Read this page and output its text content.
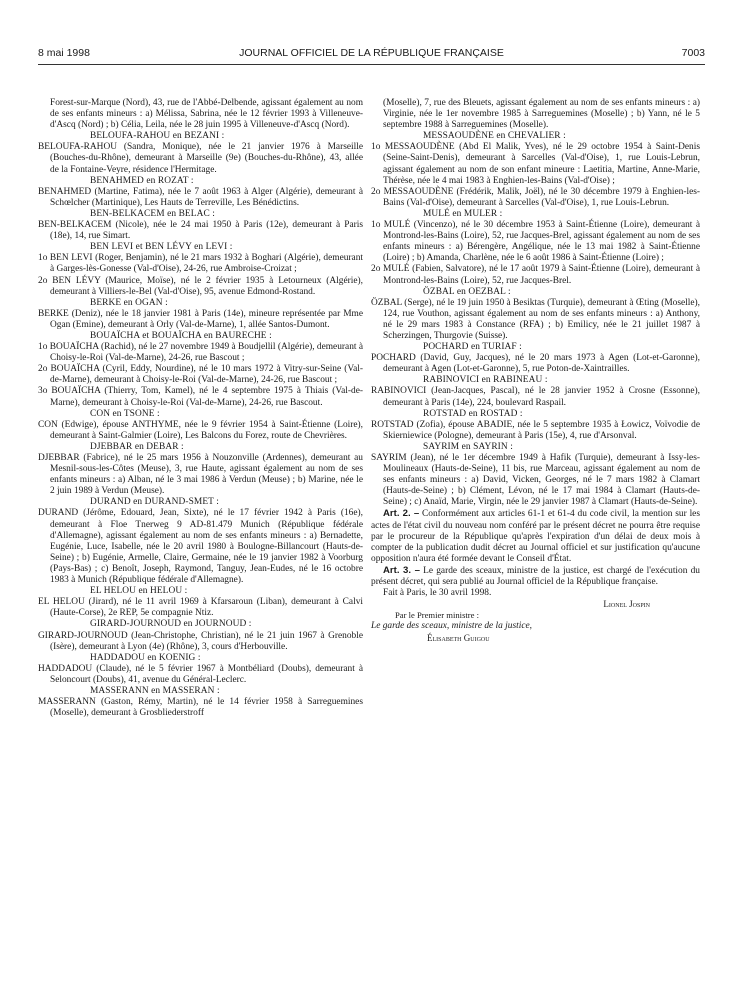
8 mai 1998	JOURNAL OFFICIEL DE LA RÉPUBLIQUE FRANÇAISE	7003

Forest-sur-Marque (Nord), 43, rue de l'Abbé-Delbende, agissant également au nom de ses enfants mineurs : a) Mélissa, Sabrina, née le 12 février 1993 à Villeneuve-d'Ascq (Nord) ; b) Célia, Leila, née le 28 juin 1995 à Villeneuve-d'Ascq (Nord).

BELOUFA-RAHOU en BEZANI :

BELOUFA-RAHOU (Sandra, Monique), née le 21 janvier 1976 à Marseille (Bouches-du-Rhône), demeurant à Marseille (9e) (Bouches-du-Rhône), 43, allée de la Fontaine-Veyre, résidence l'Hermitage.

BENAHMED en ROZAT :

BENAHMED (Martine, Fatima), née le 7 août 1963 à Alger (Algérie), demeurant à Schœlcher (Martinique), Les Hauts de Terreville, Les Bénédictins.

BEN-BELKACEM en BELAC :

BEN-BELKACEM (Nicole), née le 24 mai 1950 à Paris (12e), demeurant à Paris (18e), 14, rue Simart.

BEN LEVI et BEN LÉVY en LEVI :

1o BEN LEVI (Roger, Benjamin), né le 21 mars 1932 à Boghari (Algérie), demeurant à Garges-lès-Gonesse (Val-d'Oise), 24-26, rue Ambroise-Croizat ;

2o BEN LÉVY (Maurice, Moïse), né le 2 février 1935 à Letourneux (Algérie), demeurant à Villiers-le-Bel (Val-d'Oise), 95, avenue Edmond-Rostand.

BERKE en OGAN :

BERKE (Deniz), née le 18 janvier 1981 à Paris (14e), mineure représentée par Mme Ogan (Emine), demeurant à Orly (Val-de-Marne), 1, allée Santos-Dumont.

BOUAÏCHA et BOUAÏCHA en BAURECHE :

1o BOUAÏCHA (Rachid), né le 27 novembre 1949 à Boudjellil (Algérie), demeurant à Choisy-le-Roi (Val-de-Marne), 24-26, rue Bascout ;

2o BOUAÏCHA (Cyril, Eddy, Nourdine), né le 10 mars 1972 à Vitry-sur-Seine (Val-de-Marne), demeurant à Choisy-le-Roi (Val-de-Marne), 24-26, rue Bascout ;

3o BOUAÏCHA (Thierry, Tom, Kamel), né le 4 septembre 1975 à Thiais (Val-de-Marne), demeurant à Choisy-le-Roi (Val-de-Marne), 24-26, rue Bascout.

CON en TSONE :

CON (Edwige), épouse ANTHYME, née le 9 février 1954 à Saint-Étienne (Loire), demeurant à Saint-Galmier (Loire), Les Balcons du Forez, route de Chevrières.

DJEBBAR en DEBAR :

DJEBBAR (Fabrice), né le 25 mars 1956 à Nouzonville (Ardennes), demeurant au Mesnil-sous-les-Côtes (Meuse), 3, rue Haute, agissant également au nom de ses enfants mineurs : a) Alban, né le 3 mai 1986 à Verdun (Meuse) ; b) Marine, née le 2 juin 1989 à Verdun (Meuse).

DURAND en DURAND-SMET :

DURAND (Jérôme, Edouard, Jean, Sixte), né le 17 février 1942 à Paris (16e), demeurant à Floe Tnerweg 9 AD-81.479 Munich (République fédérale d'Allemagne), agissant également au nom de ses enfants mineurs : a) Bernadette, Eugénie, Luce, Isabelle, née le 20 avril 1980 à Boulogne-Billancourt (Hauts-de-Seine) ; b) Eugénie, Armelle, Claire, Germaine, née le 19 janvier 1982 à Voorburg (Pays-Bas) ; c) Benoît, Joseph, Raymond, Tanguy, Jean-Eudes, né le 16 octobre 1983 à Munich (République fédérale d'Allemagne).

EL HELOU en HELOU :

EL HELOU (Jirard), né le 11 avril 1969 à Kfarsaroun (Liban), demeurant à Calvi (Haute-Corse), 2e REP, 5e compagnie Ntiz.

GIRARD-JOURNOUD en JOURNOUD :

GIRARD-JOURNOUD (Jean-Christophe, Christian), né le 21 juin 1967 à Grenoble (Isère), demeurant à Lyon (4e) (Rhône), 3, cours d'Herbouville.

HADDADOU en KOENIG :

HADDADOU (Claude), né le 5 février 1967 à Montbéliard (Doubs), demeurant à Seloncourt (Doubs), 41, avenue du Général-Leclerc.

MASSERANN en MASSERAN :

MASSERANN (Gaston, Rémy, Martin), né le 14 février 1958 à Sarreguemines (Moselle), demeurant à Grosbliederstroff

(Moselle), 7, rue des Bleuets, agissant également au nom de ses enfants mineurs : a) Virginie, née le 1er novembre 1985 à Sarreguemines (Moselle) ; b) Yann, né le 5 septembre 1988 à Sarreguemines (Moselle).

MESSAOUDÈNE en CHEVALIER :

1o MESSAOUDÈNE (Abd El Malik, Yves), né le 29 octobre 1954 à Saint-Denis (Seine-Saint-Denis), demeurant à Sarcelles (Val-d'Oise), 1, rue Louis-Lebrun, agissant également au nom de son enfant mineure : Laetitia, Martine, Anne-Marie, Thérèse, née le 4 mai 1983 à Enghien-les-Bains (Val-d'Oise) ;

2o MESSAOUDÈNE (Frédérik, Malik, Joël), né le 30 décembre 1979 à Enghien-les-Bains (Val-d'Oise), demeurant à Sarcelles (Val-d'Oise), 1, rue Louis-Lebrun.

MULÉ en MULER :

1o MULÉ (Vincenzo), né le 30 décembre 1953 à Saint-Étienne (Loire), demeurant à Montrond-les-Bains (Loire), 52, rue Jacques-Brel, agissant également au nom de ses enfants mineurs : a) Bérengère, Angélique, née le 13 mai 1982 à Saint-Étienne (Loire) ; b) Amanda, Charlène, née le 6 août 1986 à Saint-Étienne (Loire) ;

2o MULÉ (Fabien, Salvatore), né le 17 août 1979 à Saint-Étienne (Loire), demeurant à Montrond-les-Bains (Loire), 52, rue Jacques-Brel.

ÖZBAL en OEZBAL :

ÖZBAL (Serge), né le 19 juin 1950 à Besiktas (Turquie), demeurant à Œting (Moselle), 124, rue Vouthon, agissant également au nom de ses enfants mineurs : a) Anthony, né le 29 mars 1983 à Constance (RFA) ; b) Emilicy, née le 21 juillet 1987 à Scherzingen, Thurgovie (Suisse).

POCHARD en TURIAF :

POCHARD (David, Guy, Jacques), né le 20 mars 1973 à Agen (Lot-et-Garonne), demeurant à Agen (Lot-et-Garonne), 5, rue Poton-de-Xaintrailles.

RABINOVICI en RABINEAU :

RABINOVICI (Jean-Jacques, Pascal), né le 28 janvier 1952 à Crosne (Essonne), demeurant à Paris (14e), 224, boulevard Raspail.

ROTSTAD en ROSTAD :

ROTSTAD (Zofia), épouse ABADIE, née le 5 septembre 1935 à Łowicz, Voïvodie de Skierniewice (Pologne), demeurant à Paris (15e), 4, rue d'Arsonval.

SAYRIM en SAYRIN :

SAYRIM (Jean), né le 1er décembre 1949 à Hafik (Turquie), demeurant à Issy-les-Moulineaux (Hauts-de-Seine), 11 bis, rue Marceau, agissant également au nom de ses enfants mineurs : a) David, Vicken, Georges, né le 7 mars 1982 à Clamart (Hauts-de-Seine) ; b) Clément, Lévon, né le 17 mai 1984 à Clamart (Hauts-de-Seine) ; c) Anaïd, Marie, Virgin, née le 29 janvier 1987 à Clamart (Hauts-de-Seine).

Art. 2. – Conformément aux articles 61-1 et 61-4 du code civil, la mention sur les actes de l'état civil du nouveau nom conféré par le présent décret ne pourra être requise par le procureur de la République qu'après l'expiration d'un délai de deux mois à compter de la publication dudit décret au Journal officiel et sur justification qu'aucune opposition n'aura été formée devant le Conseil d'État.

Art. 3. – Le garde des sceaux, ministre de la justice, est chargé de l'exécution du présent décret, qui sera publié au Journal officiel de la République française.

Fait à Paris, le 30 avril 1998.

Lionel Jospin

Par le Premier ministre :

Le garde des sceaux, ministre de la justice,

Élisabeth Guigou
